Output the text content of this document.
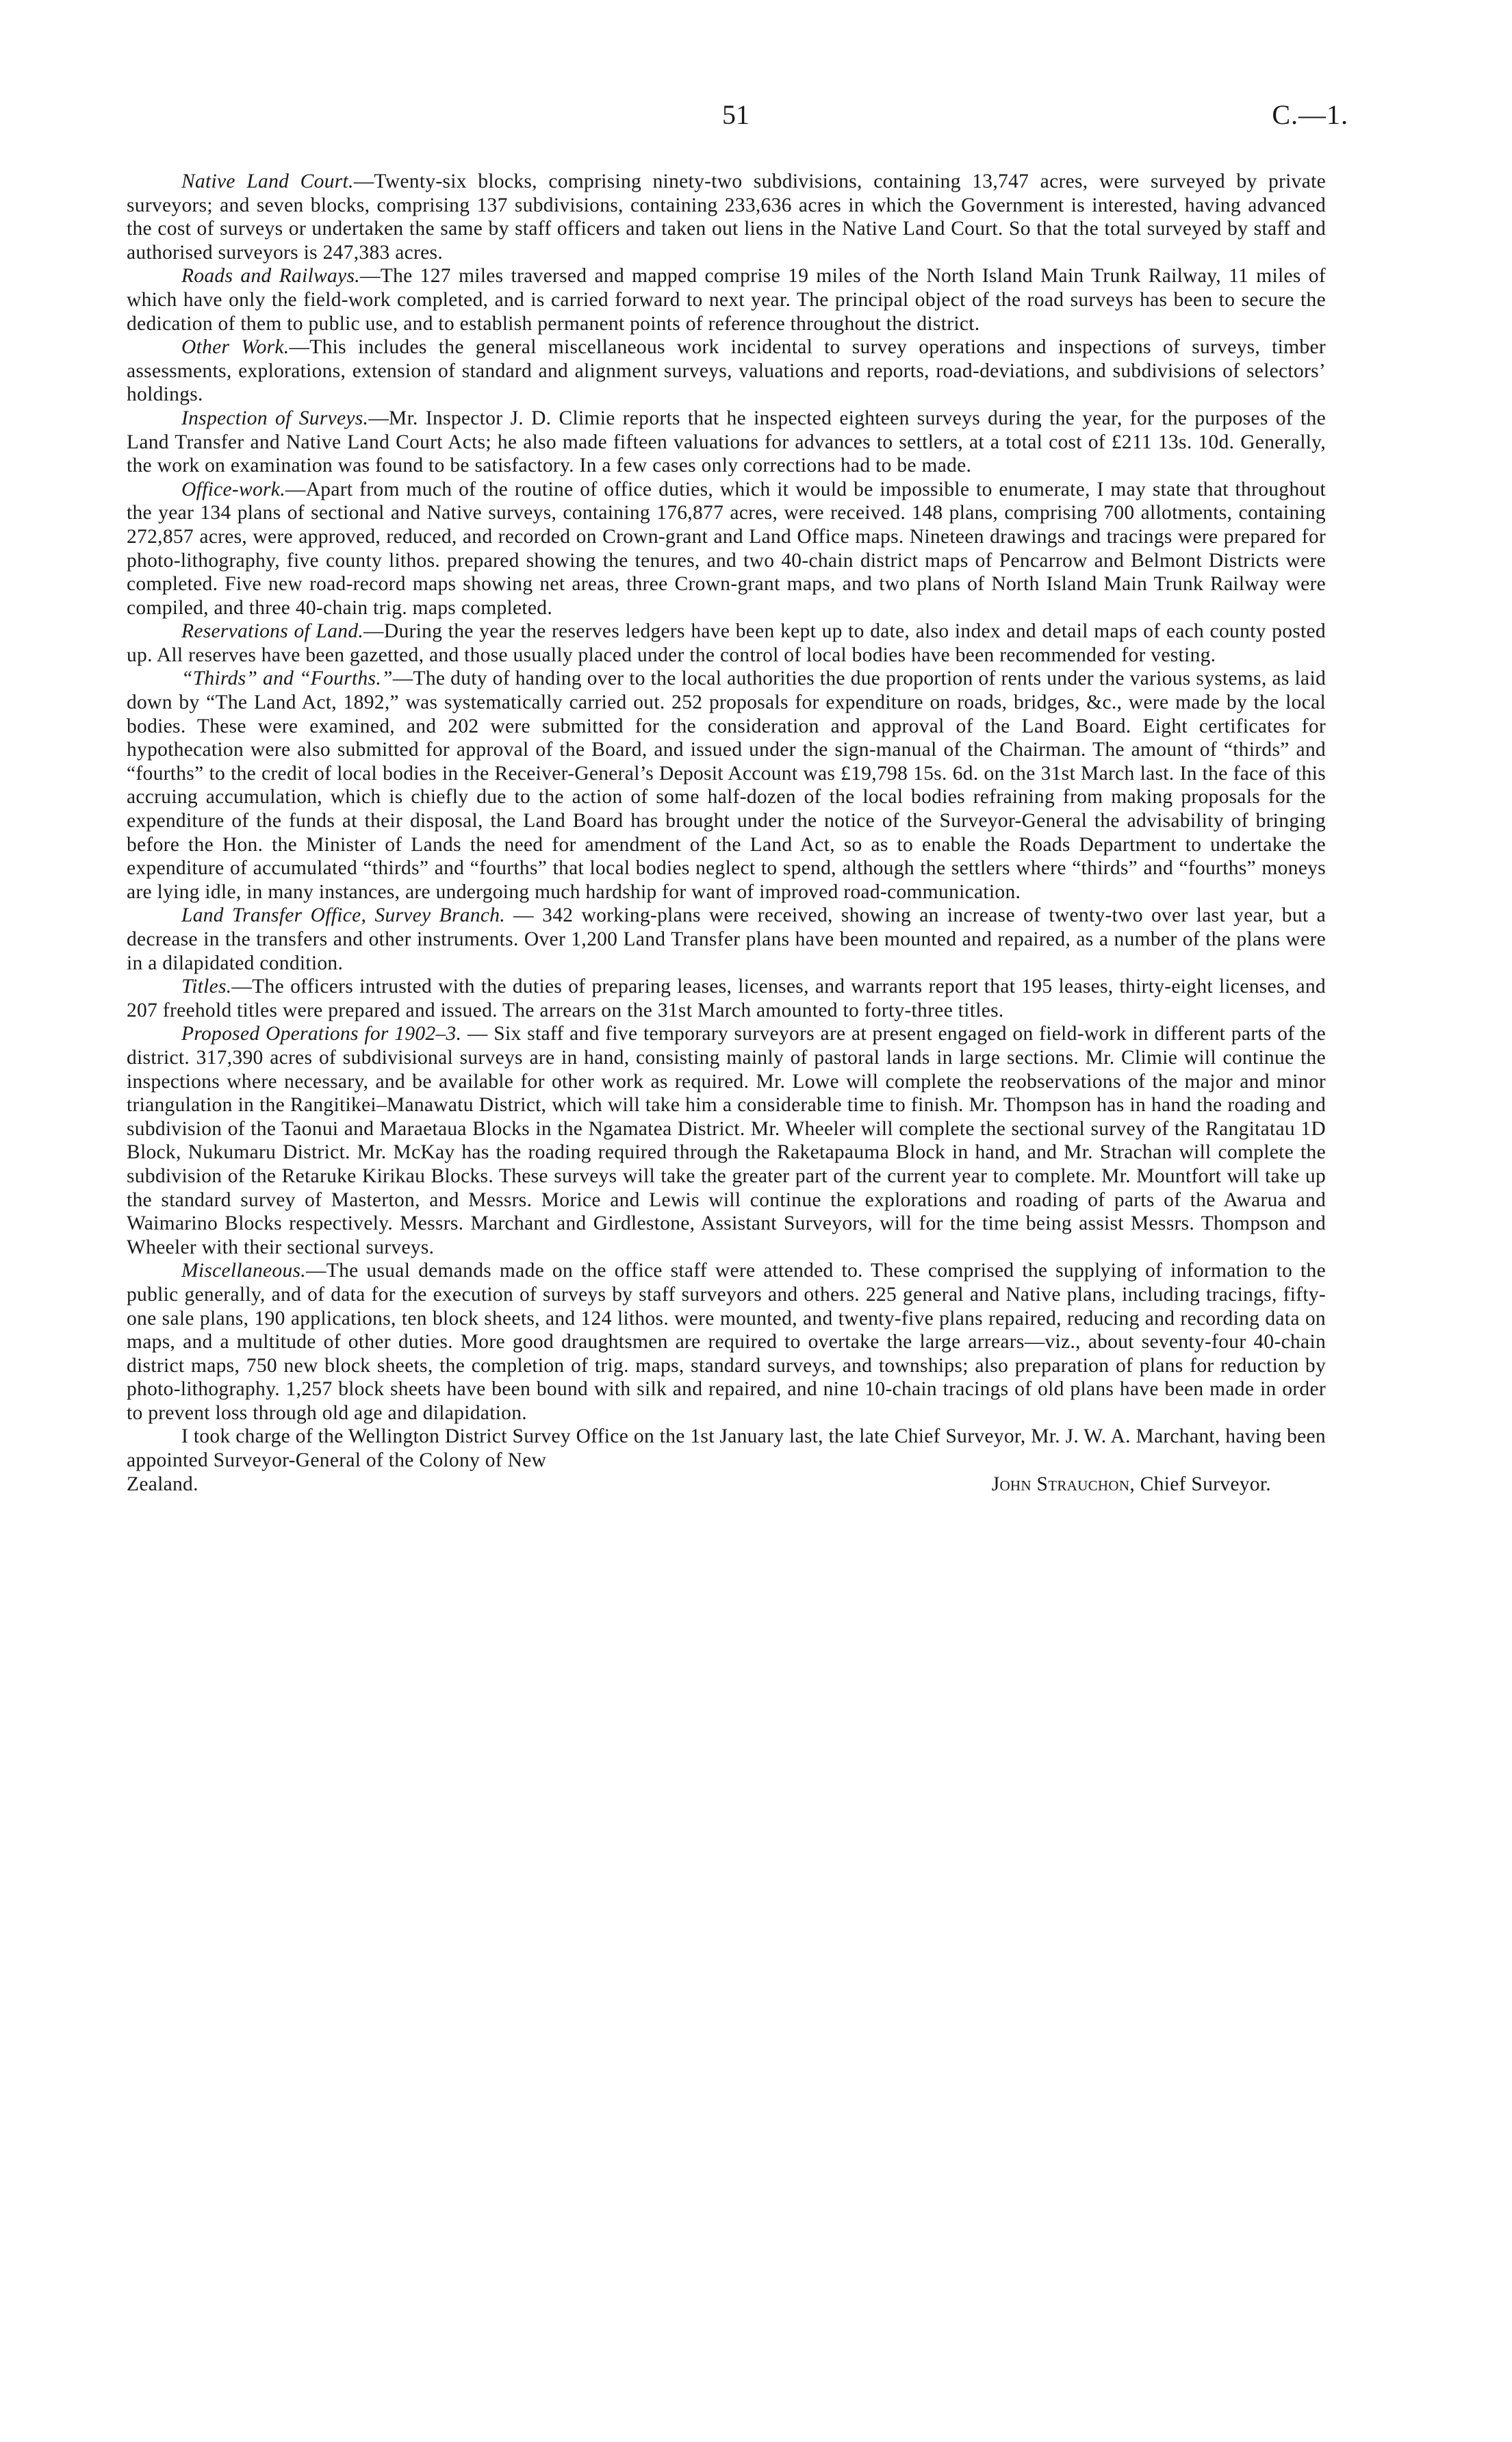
51	C.—1.

Native Land Court.—Twenty-six blocks, comprising ninety-two subdivisions, containing 13,747 acres, were surveyed by private surveyors; and seven blocks, comprising 137 subdivisions, containing 233,636 acres in which the Government is interested, having advanced the cost of surveys or undertaken the same by staff officers and taken out liens in the Native Land Court. So that the total surveyed by staff and authorised surveyors is 247,383 acres.

Roads and Railways.—The 127 miles traversed and mapped comprise 19 miles of the North Island Main Trunk Railway, 11 miles of which have only the field-work completed, and is carried forward to next year. The principal object of the road surveys has been to secure the dedication of them to public use, and to establish permanent points of reference throughout the district.

Other Work.—This includes the general miscellaneous work incidental to survey operations and inspections of surveys, timber assessments, explorations, extension of standard and alignment surveys, valuations and reports, road-deviations, and subdivisions of selectors’ holdings.

Inspection of Surveys.—Mr. Inspector J. D. Climie reports that he inspected eighteen surveys during the year, for the purposes of the Land Transfer and Native Land Court Acts; he also made fifteen valuations for advances to settlers, at a total cost of £211 13s. 10d. Generally, the work on examination was found to be satisfactory. In a few cases only corrections had to be made.

Office-work.—Apart from much of the routine of office duties, which it would be impossible to enumerate, I may state that throughout the year 134 plans of sectional and Native surveys, containing 176,877 acres, were received. 148 plans, comprising 700 allotments, containing 272,857 acres, were approved, reduced, and recorded on Crown-grant and Land Office maps. Nineteen drawings and tracings were prepared for photo-lithography, five county lithos. prepared showing the tenures, and two 40-chain district maps of Pencarrow and Belmont Districts were completed. Five new road-record maps showing net areas, three Crown-grant maps, and two plans of North Island Main Trunk Railway were compiled, and three 40-chain trig. maps completed.

Reservations of Land.—During the year the reserves ledgers have been kept up to date, also index and detail maps of each county posted up. All reserves have been gazetted, and those usually placed under the control of local bodies have been recommended for vesting.

“Thirds” and “Fourths.”—The duty of handing over to the local authorities the due proportion of rents under the various systems, as laid down by “The Land Act, 1892,” was systematically carried out. 252 proposals for expenditure on roads, bridges, &c., were made by the local bodies. These were examined, and 202 were submitted for the consideration and approval of the Land Board. Eight certificates for hypothecation were also submitted for approval of the Board, and issued under the sign-manual of the Chairman. The amount of “thirds” and “fourths” to the credit of local bodies in the Receiver-General’s Deposit Account was £19,798 15s. 6d. on the 31st March last. In the face of this accruing accumulation, which is chiefly due to the action of some half-dozen of the local bodies refraining from making proposals for the expenditure of the funds at their disposal, the Land Board has brought under the notice of the Surveyor-General the advisability of bringing before the Hon. the Minister of Lands the need for amendment of the Land Act, so as to enable the Roads Department to undertake the expenditure of accumulated “thirds” and “fourths” that local bodies neglect to spend, although the settlers where “thirds” and “fourths” moneys are lying idle, in many instances, are undergoing much hardship for want of improved road-communication.

Land Transfer Office, Survey Branch. — 342 working-plans were received, showing an increase of twenty-two over last year, but a decrease in the transfers and other instruments. Over 1,200 Land Transfer plans have been mounted and repaired, as a number of the plans were in a dilapidated condition.

Titles.—The officers intrusted with the duties of preparing leases, licenses, and warrants report that 195 leases, thirty-eight licenses, and 207 freehold titles were prepared and issued. The arrears on the 31st March amounted to forty-three titles.

Proposed Operations for 1902–3. — Six staff and five temporary surveyors are at present engaged on field-work in different parts of the district. 317,390 acres of subdivisional surveys are in hand, consisting mainly of pastoral lands in large sections. Mr. Climie will continue the inspections where necessary, and be available for other work as required. Mr. Lowe will complete the reobservations of the major and minor triangulation in the Rangitikei–Manawatu District, which will take him a considerable time to finish. Mr. Thompson has in hand the roading and subdivision of the Taonui and Maraetaua Blocks in the Ngamatea District. Mr. Wheeler will complete the sectional survey of the Rangitatau 1D Block, Nukumaru District. Mr. McKay has the roading required through the Raketapauma Block in hand, and Mr. Strachan will complete the subdivision of the Retaruke Kirikau Blocks. These surveys will take the greater part of the current year to complete. Mr. Mountfort will take up the standard survey of Masterton, and Messrs. Morice and Lewis will continue the explorations and roading of parts of the Awarua and Waimarino Blocks respectively. Messrs. Marchant and Girdlestone, Assistant Surveyors, will for the time being assist Messrs. Thompson and Wheeler with their sectional surveys.

Miscellaneous.—The usual demands made on the office staff were attended to. These comprised the supplying of information to the public generally, and of data for the execution of surveys by staff surveyors and others. 225 general and Native plans, including tracings, fifty-one sale plans, 190 applications, ten block sheets, and 124 lithos. were mounted, and twenty-five plans repaired, reducing and recording data on maps, and a multitude of other duties. More good draughtsmen are required to overtake the large arrears—viz., about seventy-four 40-chain district maps, 750 new block sheets, the completion of trig. maps, standard surveys, and townships; also preparation of plans for reduction by photo-lithography. 1,257 block sheets have been bound with silk and repaired, and nine 10-chain tracings of old plans have been made in order to prevent loss through old age and dilapidation.

I took charge of the Wellington District Survey Office on the 1st January last, the late Chief Surveyor, Mr. J. W. A. Marchant, having been appointed Surveyor-General of the Colony of New

Zealand.	John Strauchon, Chief Surveyor.
